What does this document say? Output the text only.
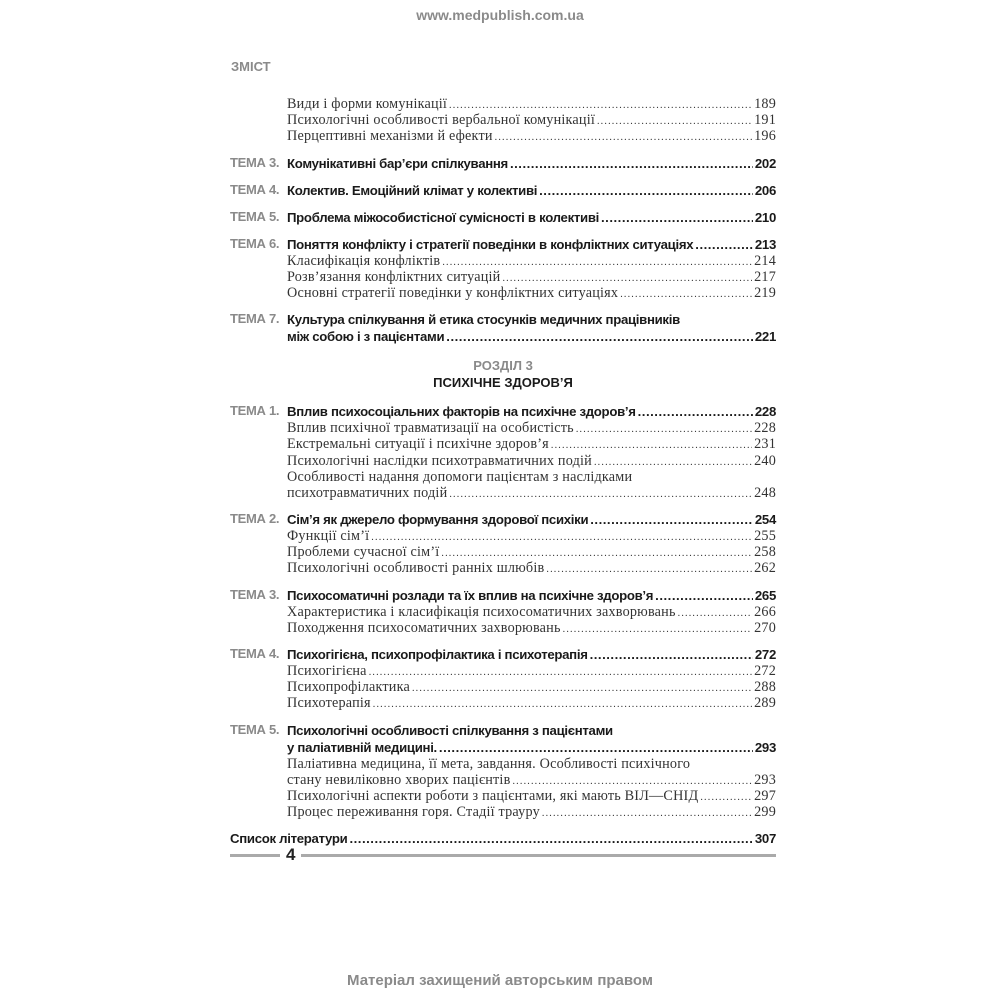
www.medpublish.com.ua
ЗМІСТ
Види і форми комунікації .....	189
Психологічні особливості вербальної комунікації .....	191
Перцептивні механізми й ефекти .....	196
ТЕМА 3. Комунікативні бар’єри спілкування .....	202
ТЕМА 4. Колектив. Емоційний клімат у колективі .....	206
ТЕМА 5. Проблема міжособистісної сумісності в колективі .....	210
ТЕМА 6. Поняття конфлікту і стратегії поведінки в конфліктних ситуаціях .....	213
Класифікація конфліктів .....	214
Розв’язання конфліктних ситуацій .....	217
Основні стратегії поведінки у конфліктних ситуаціях .....	219
ТЕМА 7. Культура спілкування й етика стосунків медичних працівників
між собою і з пацієнтами .....	221
РОЗДІЛ 3
ПСИХІЧНЕ ЗДОРОВ’Я
ТЕМА 1. Вплив психосоціальних факторів на психічне здоров’я .....	228
Вплив психічної травматизації на особистість .....	228
Екстремальні ситуації і психічне здоров’я .....	231
Психологічні наслідки психотравматичних подій .....	240
Особливості надання допомоги пацієнтам з наслідками
психотравматичних подій .....	248
ТЕМА 2. Сім’я як джерело формування здорової психіки .....	254
Функції сім’ї .....	255
Проблеми сучасної сім’ї .....	258
Психологічні особливості ранніх шлюбів .....	262
ТЕМА 3. Психосоматичні розлади та їх вплив на психічне здоров’я .....	265
Характеристика і класифікація психосоматичних захворювань .....	266
Походження психосоматичних захворювань .....	270
ТЕМА 4. Психогігієна, психопрофілактика і психотерапія .....	272
Психогігієна .....	272
Психопрофілактика .....	288
Психотерапія .....	289
ТЕМА 5. Психологічні особливості спілкування з пацієнтами
у паліативній медицині. .....	293
Паліативна медицина, її мета, завдання. Особливості психічного
стану невиліковно хворих пацієнтів .....	293
Психологічні аспекти роботи з пацієнтами, які мають ВІЛ—СНІД .....	297
Процес переживання горя. Стадії трауру .....	299
Список літератури .....	307
4
Матеріал захищений авторським правом
